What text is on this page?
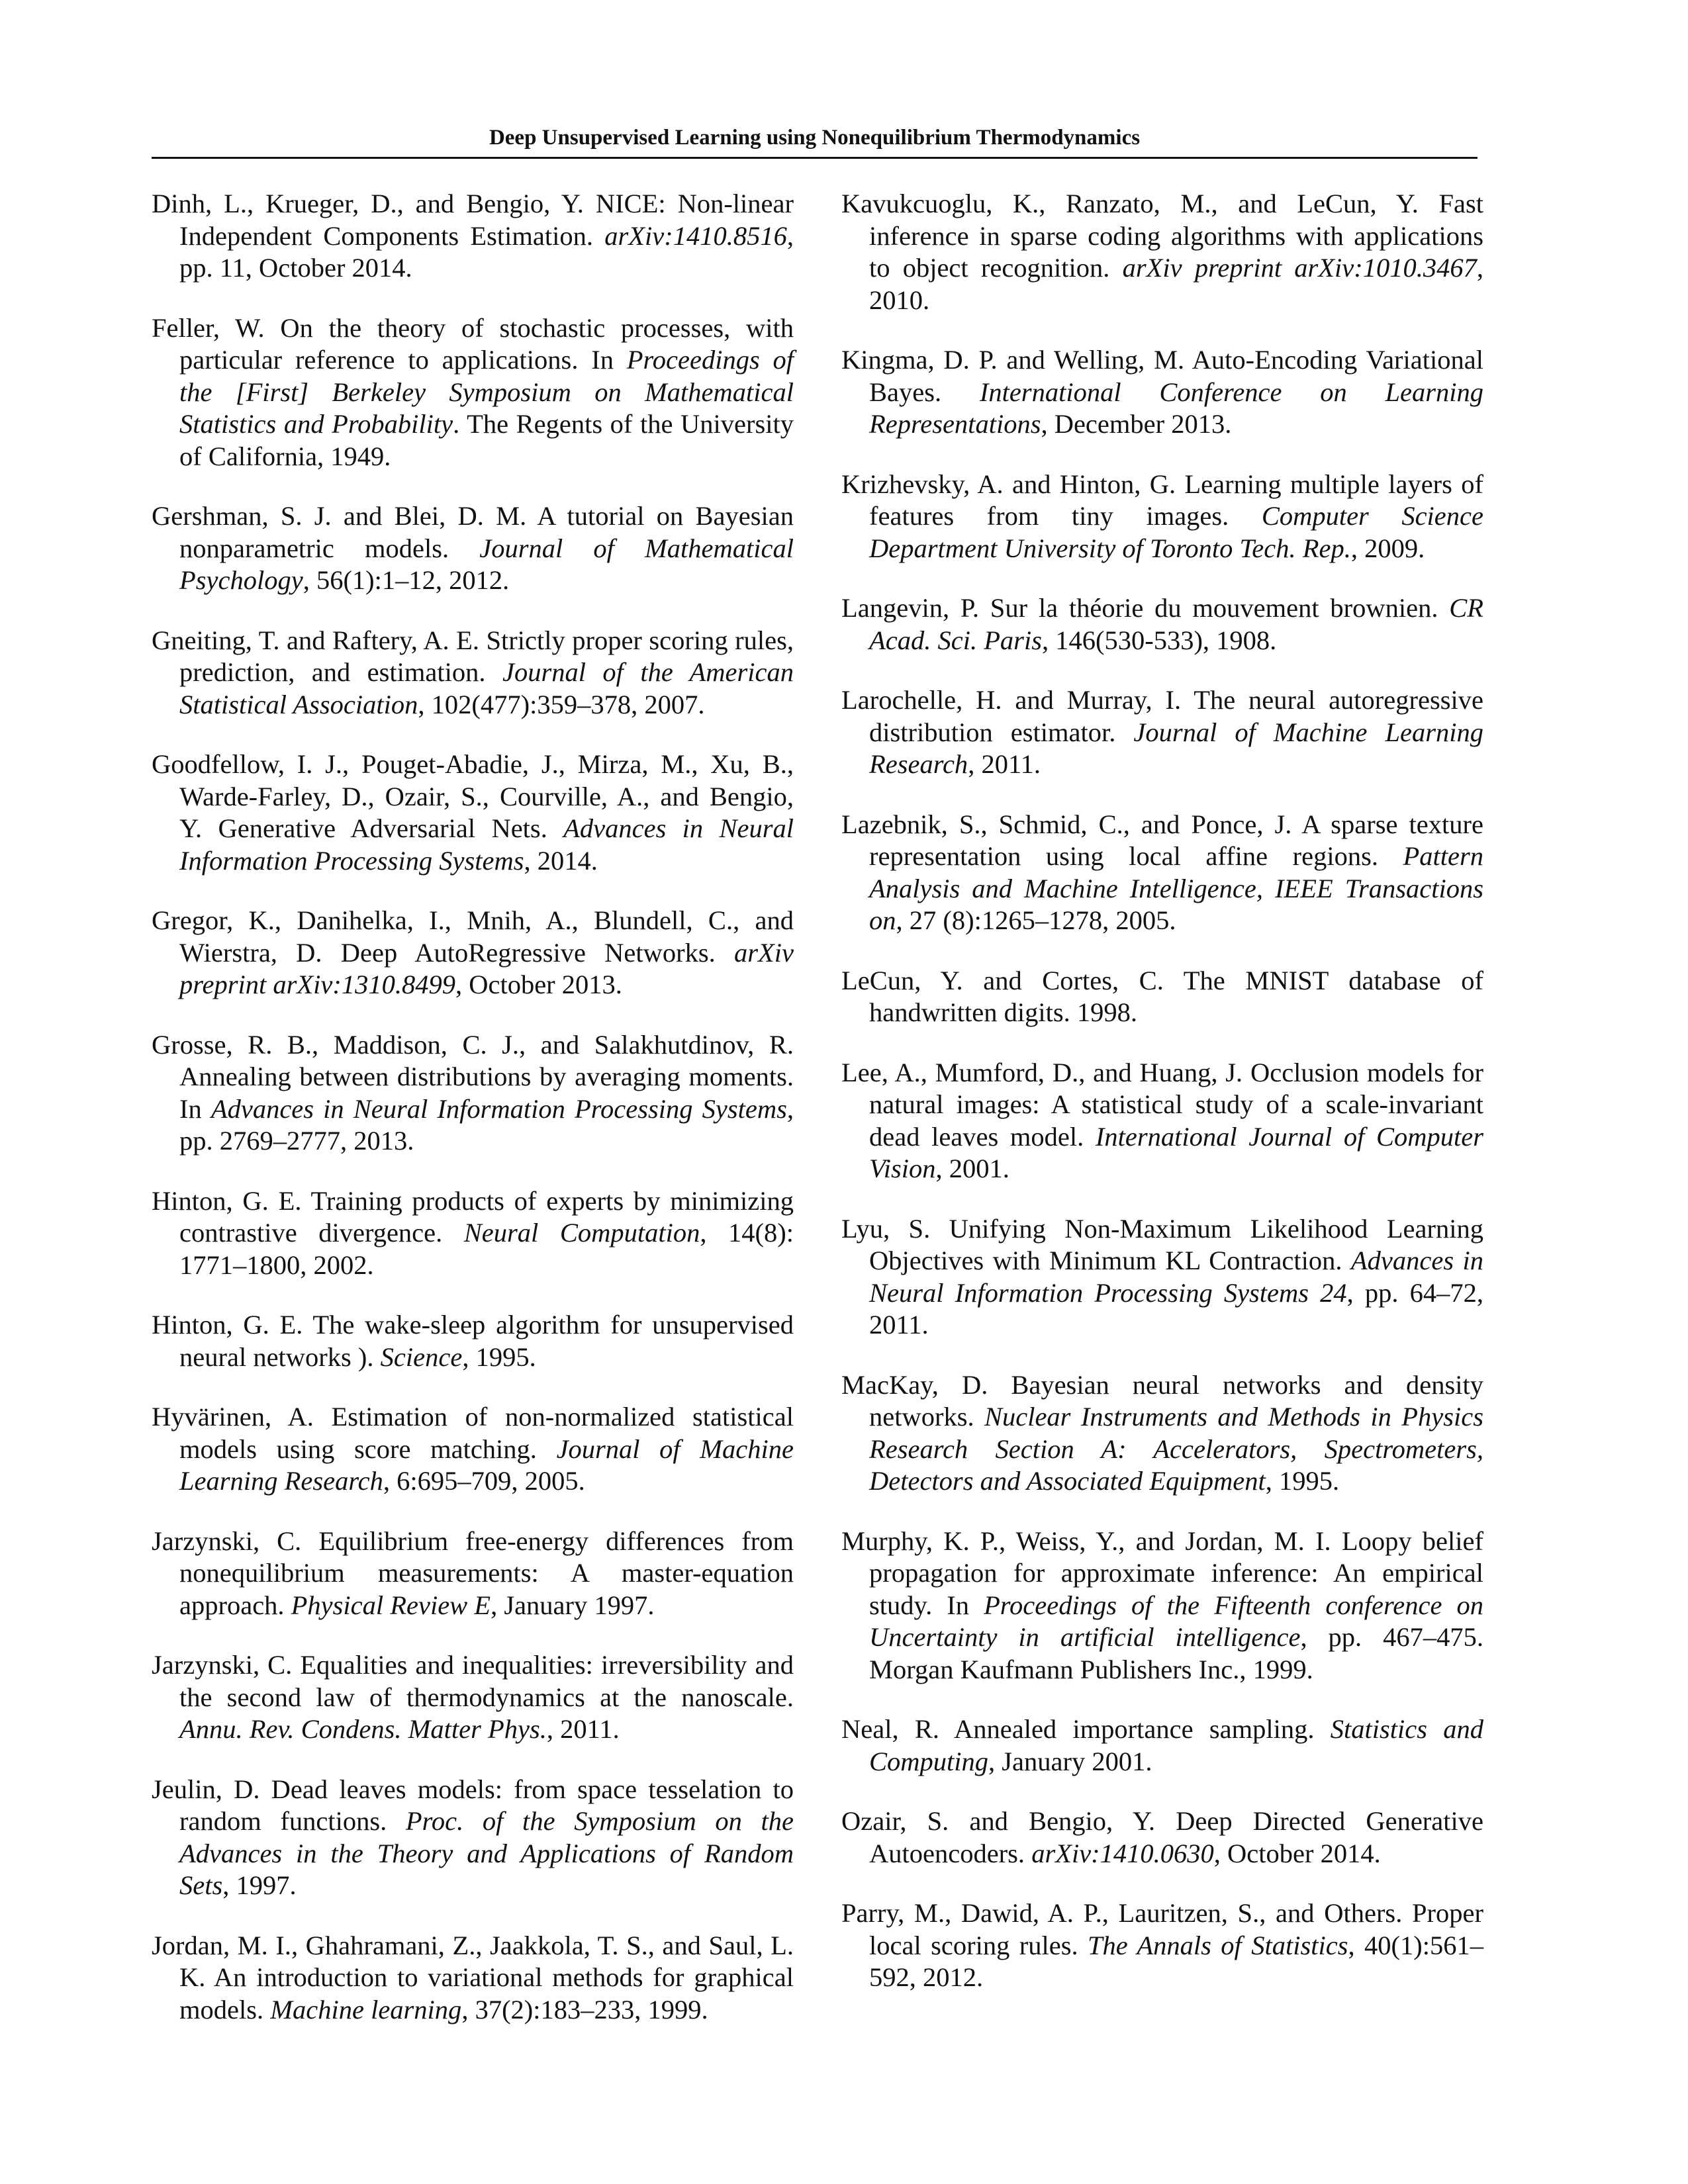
Deep Unsupervised Learning using Nonequilibrium Thermodynamics

Dinh, L., Krueger, D., and Bengio, Y. NICE: Non-linear Independent Components Estimation. arXiv:1410.8516, pp. 11, October 2014.

Feller, W. On the theory of stochastic processes, with particular reference to applications. In Proceedings of the [First] Berkeley Symposium on Mathematical Statistics and Probability. The Regents of the University of California, 1949.

Gershman, S. J. and Blei, D. M. A tutorial on Bayesian nonparametric models. Journal of Mathematical Psychology, 56(1):1–12, 2012.

Gneiting, T. and Raftery, A. E. Strictly proper scoring rules, prediction, and estimation. Journal of the American Statistical Association, 102(477):359–378, 2007.

Goodfellow, I. J., Pouget-Abadie, J., Mirza, M., Xu, B., Warde-Farley, D., Ozair, S., Courville, A., and Bengio, Y. Generative Adversarial Nets. Advances in Neural Information Processing Systems, 2014.

Gregor, K., Danihelka, I., Mnih, A., Blundell, C., and Wierstra, D. Deep AutoRegressive Networks. arXiv preprint arXiv:1310.8499, October 2013.

Grosse, R. B., Maddison, C. J., and Salakhutdinov, R. Annealing between distributions by averaging moments. In Advances in Neural Information Processing Systems, pp. 2769–2777, 2013.

Hinton, G. E. Training products of experts by minimizing contrastive divergence. Neural Computation, 14(8): 1771–1800, 2002.

Hinton, G. E. The wake-sleep algorithm for unsupervised neural networks ). Science, 1995.

Hyvärinen, A. Estimation of non-normalized statistical models using score matching. Journal of Machine Learning Research, 6:695–709, 2005.

Jarzynski, C. Equilibrium free-energy differences from nonequilibrium measurements: A master-equation approach. Physical Review E, January 1997.

Jarzynski, C. Equalities and inequalities: irreversibility and the second law of thermodynamics at the nanoscale. Annu. Rev. Condens. Matter Phys., 2011.

Jeulin, D. Dead leaves models: from space tesselation to random functions. Proc. of the Symposium on the Advances in the Theory and Applications of Random Sets, 1997.

Jordan, M. I., Ghahramani, Z., Jaakkola, T. S., and Saul, L. K. An introduction to variational methods for graphical models. Machine learning, 37(2):183–233, 1999.

Kavukcuoglu, K., Ranzato, M., and LeCun, Y. Fast inference in sparse coding algorithms with applications to object recognition. arXiv preprint arXiv:1010.3467, 2010.

Kingma, D. P. and Welling, M. Auto-Encoding Variational Bayes. International Conference on Learning Representations, December 2013.

Krizhevsky, A. and Hinton, G. Learning multiple layers of features from tiny images. Computer Science Department University of Toronto Tech. Rep., 2009.

Langevin, P. Sur la théorie du mouvement brownien. CR Acad. Sci. Paris, 146(530-533), 1908.

Larochelle, H. and Murray, I. The neural autoregressive distribution estimator. Journal of Machine Learning Research, 2011.

Lazebnik, S., Schmid, C., and Ponce, J. A sparse texture representation using local affine regions. Pattern Analysis and Machine Intelligence, IEEE Transactions on, 27 (8):1265–1278, 2005.

LeCun, Y. and Cortes, C. The MNIST database of handwritten digits. 1998.

Lee, A., Mumford, D., and Huang, J. Occlusion models for natural images: A statistical study of a scale-invariant dead leaves model. International Journal of Computer Vision, 2001.

Lyu, S. Unifying Non-Maximum Likelihood Learning Objectives with Minimum KL Contraction. Advances in Neural Information Processing Systems 24, pp. 64–72, 2011.

MacKay, D. Bayesian neural networks and density networks. Nuclear Instruments and Methods in Physics Research Section A: Accelerators, Spectrometers, Detectors and Associated Equipment, 1995.

Murphy, K. P., Weiss, Y., and Jordan, M. I. Loopy belief propagation for approximate inference: An empirical study. In Proceedings of the Fifteenth conference on Uncertainty in artificial intelligence, pp. 467–475. Morgan Kaufmann Publishers Inc., 1999.

Neal, R. Annealed importance sampling. Statistics and Computing, January 2001.

Ozair, S. and Bengio, Y. Deep Directed Generative Autoencoders. arXiv:1410.0630, October 2014.

Parry, M., Dawid, A. P., Lauritzen, S., and Others. Proper local scoring rules. The Annals of Statistics, 40(1):561–592, 2012.
